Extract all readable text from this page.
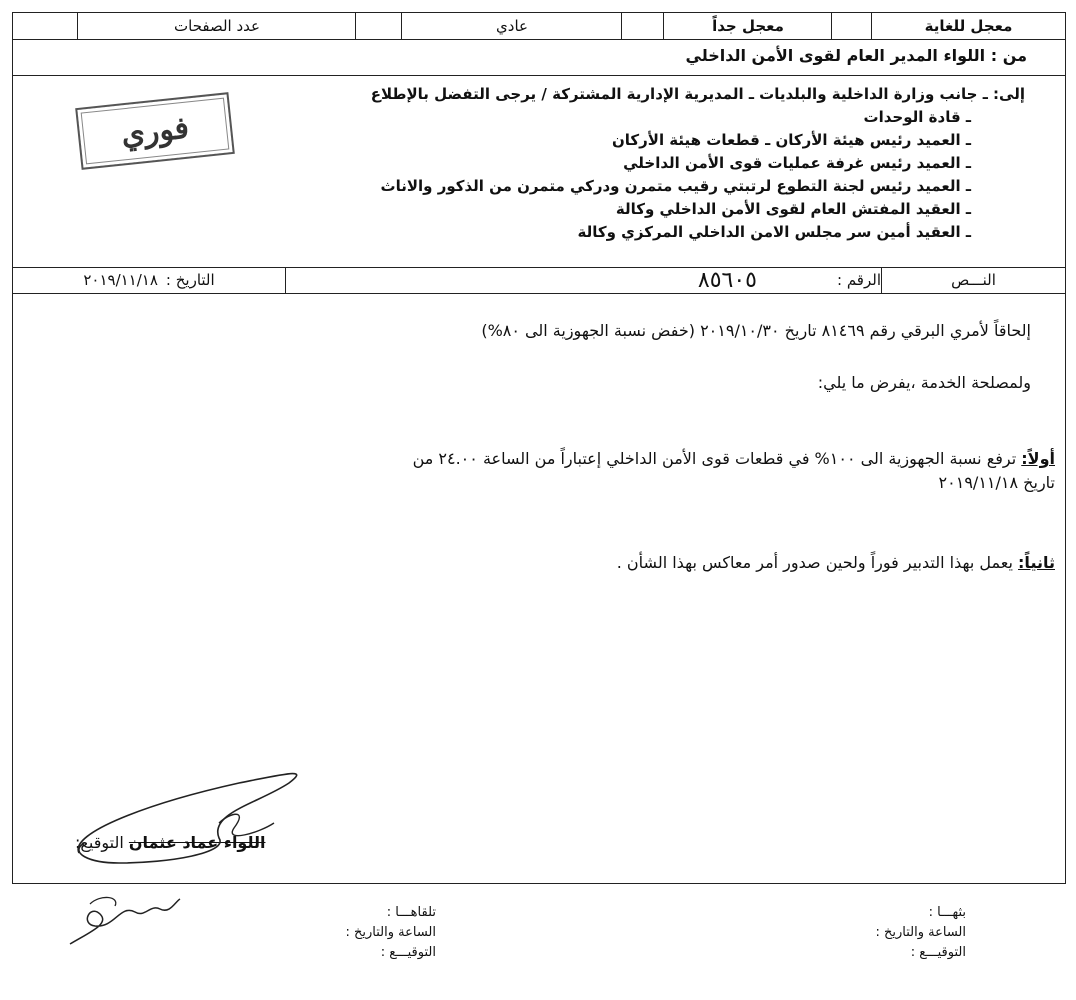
معجل للغاية
معجل جداً
عادي
عدد الصفحات
من : اللواء المدير العام لقوى الأمن الداخلي
إلى: ـ جانب وزارة الداخلية والبلديات ـ المديرية الإدارية المشتركة / يرجى التفضل بالإطلاع
ـ قادة الوحدات
ـ العميد رئيس هيئة الأركان ـ قطعات هيئة الأركان
ـ العميد رئيس غرفة عمليات قوى الأمن الداخلي
ـ العميد رئيس لجنة التطوع لرتبتي رقيب متمرن ودركي متمرن من الذكور والاناث
ـ العقيد المفتش العام لقوى الأمن الداخلي وكالة
ـ العقيد أمين سر مجلس الامن الداخلي المركزي وكالة
النـــص
الرقم :
٨٥٦٠٥
التاريخ :
٢٠١٩/١١/١٨
إلحاقاً لأمري البرقي رقم ٨١٤٦٩ تاريخ ٢٠١٩/١٠/٣٠ (خفض نسبة الجهوزية الى ٨٠%)
ولمصلحة الخدمة ،يفرض ما يلي:
أولاً: ترفع نسبة الجهوزية الى ١٠٠% في قطعات قوى الأمن الداخلي إعتباراً من الساعة ٢٤.٠٠ من
تاريخ ٢٠١٩/١١/١٨
ثانياً: يعمل بهذا التدبير فوراً ولحين صدور أمر معاكس بهذا الشأن .
اللواء عماد عثمان التوقيع:
فوري
بثهـــا :
الساعة والتاريخ :
التوقيـــع :
تلقاهـــا :
الساعة والتاريخ :
التوقيـــع :
